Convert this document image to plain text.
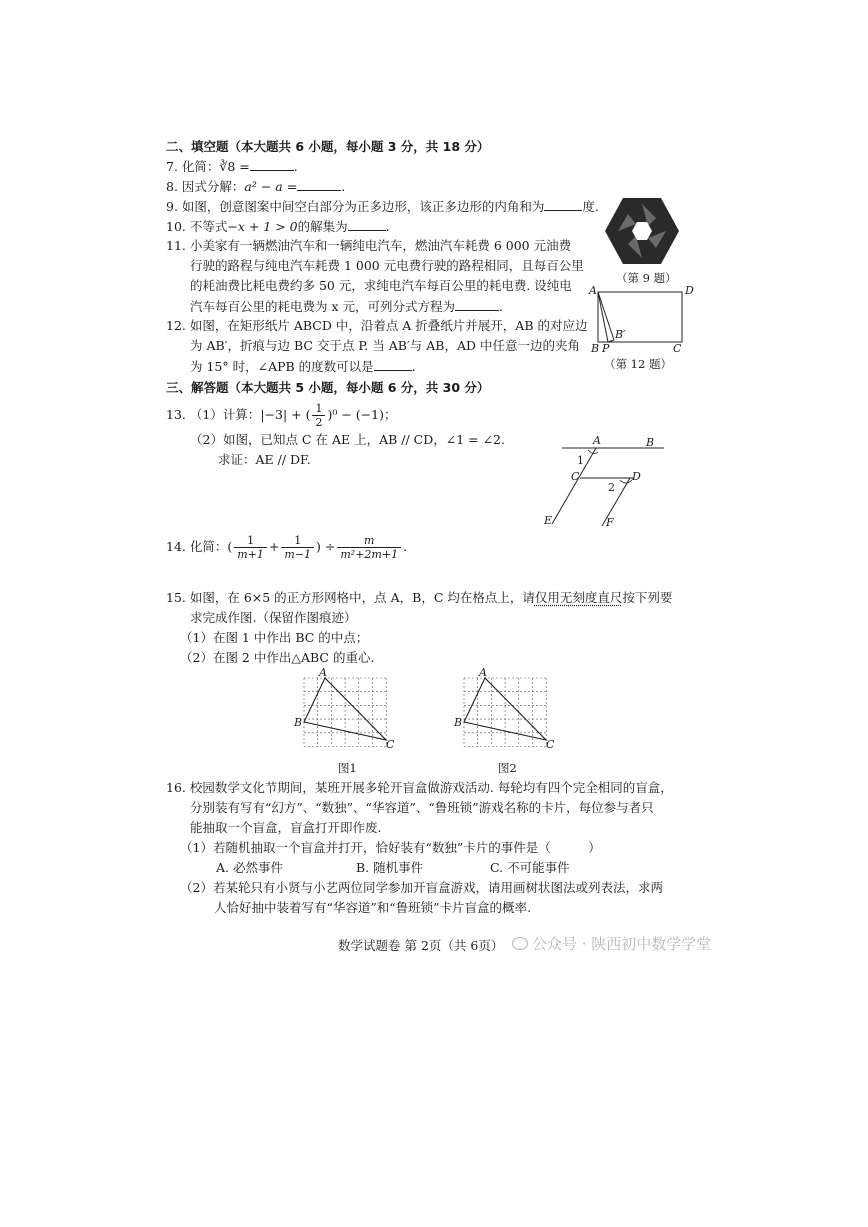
二、填空题（本大题共 6 小题，每小题 3 分，共 18 分）
7. 化简：∛8 =	.
8. 因式分解：a² − a =	.
9. 如图，创意图案中间空白部分为正多边形，该正多边形的内角和为	度.
10. 不等式−x + 1 > 0的解集为	.
11. 小美家有一辆燃油汽车和一辆纯电汽车，燃油汽车耗费 6 000 元油费
行驶的路程与纯电汽车耗费 1 000 元电费行驶的路程相同，且每百公里
的耗油费比耗电费约多 50 元，求纯电汽车每百公里的耗电费. 设纯电
汽车每百公里的耗电费为 x 元，可列分式方程为	.
12. 如图，在矩形纸片 ABCD 中，沿着点 A 折叠纸片并展开，AB 的对应边
为 AB′，折痕与边 BC 交于点 P. 当 AB′与 AB，AD 中任意一边的夹角
为 15° 时，∠APB 的度数可以是	.
（第 9 题）
A	D
B′
B P	C
（第 12 题）
三、解答题（本大题共 5 小题，每小题 6 分，共 30 分）
13. （1）计算：|−3| + ( $\frac{1}{2} )^0 - (-1)$；
（2）如图，已知点 C 在 AE 上，AB // CD，∠1 = ∠2.
求证：AE // DF.
A	B
1
C	D
2
E	F
14. 化简：( $\frac{1}{m+1} + \frac{1}{m-1}$ ) ÷ $\frac{m}{\text{m²+2m+1}}$ .
15. 如图，在 6×5 的正方形网格中，点 A，B，C 均在格点上，请仅用无刻度直尺按下列要
求完成作图.（保留作图痕迹）
（1）在图 1 中作出 BC 的中点；
（2）在图 2 中作出△ABC 的重心.
A
B
C
图1
A
B
C
图2
16. 校园数学文化节期间，某班开展多轮开盲盒做游戏活动. 每轮均有四个完全相同的盲盒，
分别装有写有“幻方”、“数独”、“华容道”、“鲁班锁”游戏名称的卡片，每位参与者只
能抽取一个盲盒，盲盒打开即作废.
（1）若随机抽取一个盲盒并打开，恰好装有“数独”卡片的事件是（　　　）
A. 必然事件	B. 随机事件	C. 不可能事件
（2）若某轮只有小贤与小艺两位同学参加开盲盒游戏，请用画树状图法或列表法，求两
人恰好抽中装着写有“华容道”和“鲁班锁”卡片盲盒的概率.
数学试题卷 第 2页（共 6页）	公众号 · 陕西初中数学学堂
